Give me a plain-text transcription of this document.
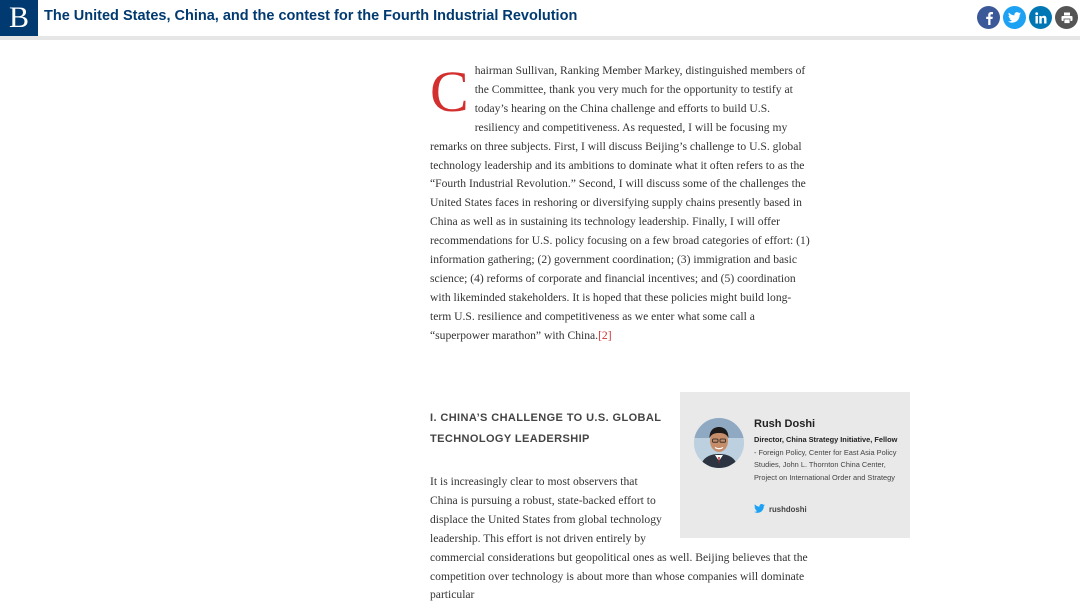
B	The United States, China, and the contest for the Fourth Industrial Revolution
C hairman Sullivan, Ranking Member Markey, distinguished members of the Committee, thank you very much for the opportunity to testify at today’s hearing on the China challenge and efforts to build U.S. resiliency and competitiveness. As requested, I will be focusing my remarks on three subjects. First, I will discuss Beijing’s challenge to U.S. global technology leadership and its ambitions to dominate what it often refers to as the “Fourth Industrial Revolution.” Second, I will discuss some of the challenges the United States faces in reshoring or diversifying supply chains presently based in China as well as in sustaining its technology leadership. Finally, I will offer recommendations for U.S. policy focusing on a few broad categories of effort: (1) information gathering; (2) government coordination; (3) immigration and basic science; (4) reforms of corporate and financial incentives; and (5) coordination with likeminded stakeholders. It is hoped that these policies might build long-term U.S. resilience and competitiveness as we enter what some call a “superpower marathon” with China.[2]
I. CHINA’S CHALLENGE TO U.S. GLOBAL TECHNOLOGY LEADERSHIP
It is increasingly clear to most observers that China is pursuing a robust, state-backed effort to displace the United States from global technology leadership. This effort is not driven entirely by commercial considerations but geopolitical ones as well. Beijing believes that the competition over technology is about more than whose companies will dominate particular
Rush Doshi
Director, China Strategy Initiative, Fellow - Foreign Policy, Center for East Asia Policy Studies, John L. Thornton China Center, Project on International Order and Strategy
rushdoshi
